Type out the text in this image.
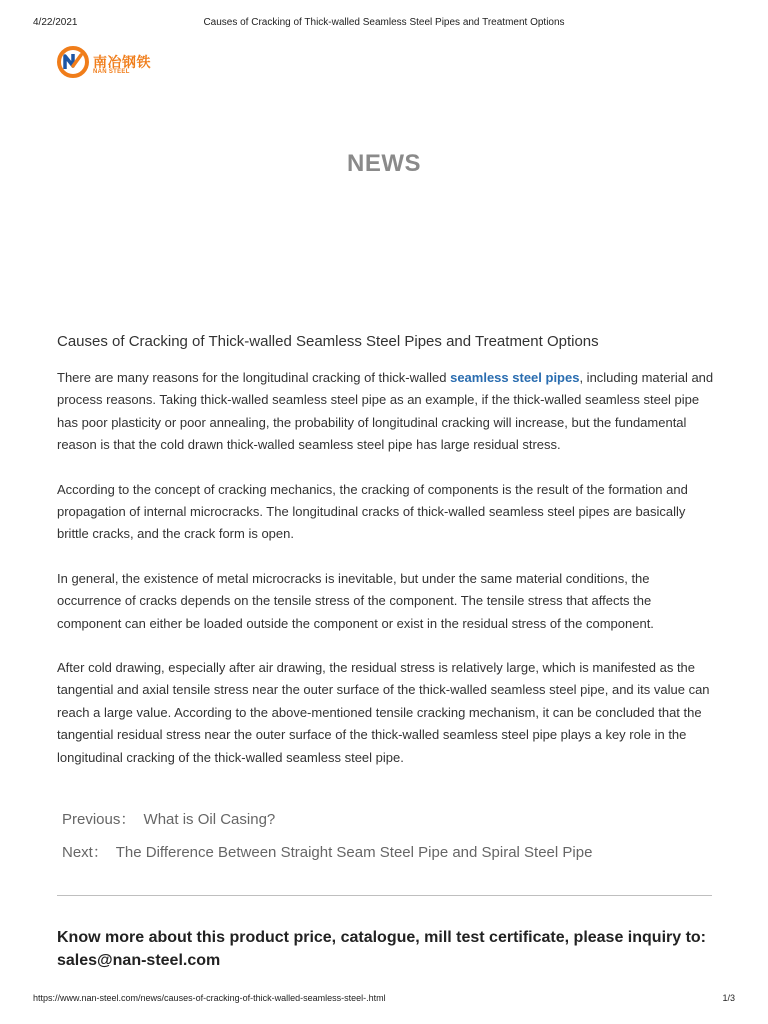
4/22/2021	Causes of Cracking of Thick-walled Seamless Steel Pipes and Treatment Options
南冶钢铁
NAN STEEL
NEWS
Causes of Cracking of Thick-walled Seamless Steel Pipes and Treatment Options

There are many reasons for the longitudinal cracking of thick-walled seamless steel pipes, including material and process reasons. Taking thick-walled seamless steel pipe as an example, if the thick-walled seamless steel pipe has poor plasticity or poor annealing, the probability of longitudinal cracking will increase, but the fundamental reason is that the cold drawn thick-walled seamless steel pipe has large residual stress.

According to the concept of cracking mechanics, the cracking of components is the result of the formation and propagation of internal microcracks. The longitudinal cracks of thick-walled seamless steel pipes are basically brittle cracks, and the crack form is open.

In general, the existence of metal microcracks is inevitable, but under the same material conditions, the occurrence of cracks depends on the tensile stress of the component. The tensile stress that affects the component can either be loaded outside the component or exist in the residual stress of the component.

After cold drawing, especially after air drawing, the residual stress is relatively large, which is manifested as the tangential and axial tensile stress near the outer surface of the thick-walled seamless steel pipe, and its value can reach a large value. According to the above-mentioned tensile cracking mechanism, it can be concluded that the tangential residual stress near the outer surface of the thick-walled seamless steel pipe plays a key role in the longitudinal cracking of the thick-walled seamless steel pipe.

Previous： What is Oil Casing?
Next： The Difference Between Straight Seam Steel Pipe and Spiral Steel Pipe
Know more about this product price, catalogue, mill test certificate, please inquiry to: sales@nan-steel.com
https://www.nan-steel.com/news/causes-of-cracking-of-thick-walled-seamless-steel-.html	1/3
